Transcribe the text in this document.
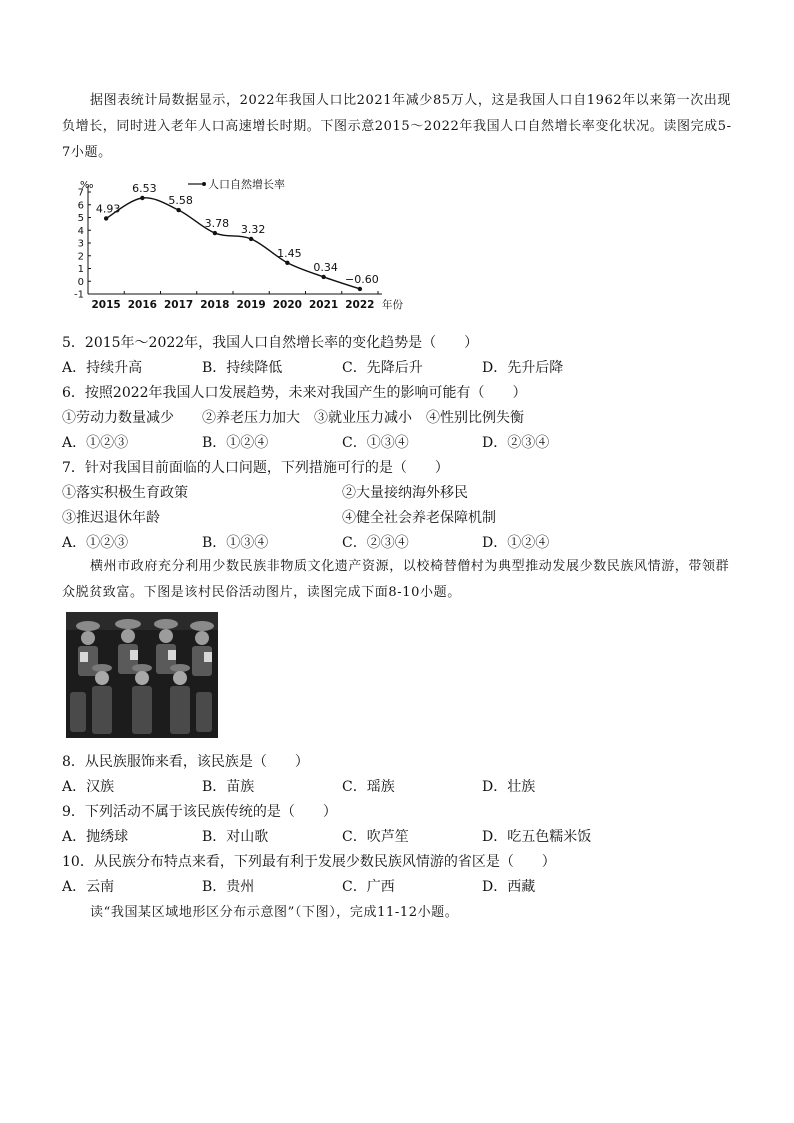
据图表统计局数据显示，2022年我国人口比2021年减少85万人，这是我国人口自1962年以来第一次出现负增长，同时进入老年人口高速增长时期。下图示意2015～2022年我国人口自然增长率变化状况。读图完成5-7小题。
‰
7
6
5
4
3
2
1
0
-1
2015 2016 2017 2018 2019 2020 2021 2022 年份
4.93
6.53
5.58
3.78 3.32
1.45
0.34
−0.60
人口自然增长率
5．2015年～2022年，我国人口自然增长率的变化趋势是（　　）
A．持续升高	B．持续降低	C．先降后升	D．先升后降
6．按照2022年我国人口发展趋势，未来对我国产生的影响可能有（　　）
①劳动力数量减少　　②养老压力加大　③就业压力减小　④性别比例失衡
A．①②③	B．①②④	C．①③④	D．②③④
7．针对我国目前面临的人口问题，下列措施可行的是（　　）
①落实积极生育政策	②大量接纳海外移民
③推迟退休年龄	④健全社会养老保障机制
A．①②③	B．①③④	C．②③④	D．①②④
横州市政府充分利用少数民族非物质文化遗产资源，以校椅替僧村为典型推动发展少数民族风情游，带领群众脱贫致富。下图是该村民俗活动图片，读图完成下面8-10小题。
8．从民族服饰来看，该民族是（　　）
A．汉族	B．苗族	C．瑶族	D．壮族
9．下列活动不属于该民族传统的是（　　）
A．抛绣球	B．对山歌	C．吹芦笙	D．吃五色糯米饭
10．从民族分布特点来看，下列最有利于发展少数民族风情游的省区是（　　）
A．云南	B．贵州	C．广西	D．西藏
读“我国某区域地形区分布示意图”（下图），完成11-12小题。
